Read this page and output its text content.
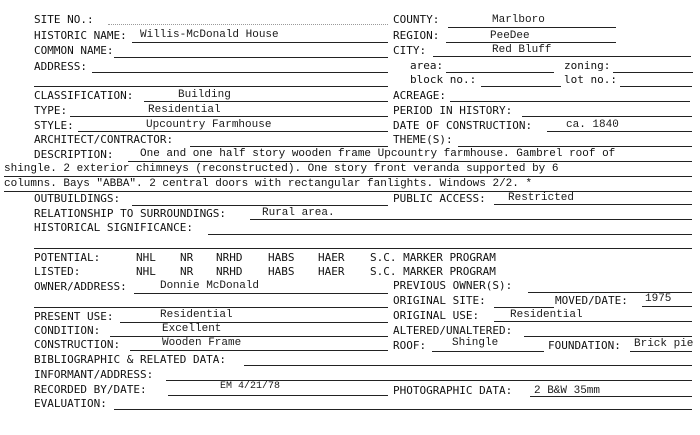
SITE NO.:	COUNTY:	Marlboro
HISTORIC NAME: Willis-McDonald House	REGION:	PeeDee
COMMON NAME:	CITY:	Red Bluff
ADDRESS:	area:	zoning:
block no.:	lot no.:
CLASSIFICATION:	Building	ACREAGE:
TYPE:	Residential	PERIOD IN HISTORY:
STYLE:	Upcountry Farmhouse	DATE OF CONSTRUCTION:	ca. 1840
ARCHITECT/CONTRACTOR:	THEME(S):
DESCRIPTION: One and one half story wooden frame Upcountry farmhouse. Gambrel roof of
shingle. 2 exterior chimneys (reconstructed). One story front veranda supported by 6
columns. Bays "ABBA". 2 central doors with rectangular fanlights. Windows 2/2. *
OUTBUILDINGS:	PUBLIC ACCESS: Restricted
RELATIONSHIP TO SURROUNDINGS:	Rural area.
HISTORICAL SIGNIFICANCE:
POTENTIAL:	NHL NR NRHD HABS HAER S.C. MARKER PROGRAM
LISTED:	NHL NR NRHD HABS HAER S.C. MARKER PROGRAM
OWNER/ADDRESS:	Donnie McDonald	PREVIOUS OWNER(S):
ORIGINAL SITE:	MOVED/DATE: 1975
PRESENT USE:	Residential	ORIGINAL USE:	Residential
CONDITION:	Excellent	ALTERED/UNALTERED:
CONSTRUCTION:	Wooden Frame	ROOF: Shingle	FOUNDATION: Brick pie
BIBLIOGRAPHIC & RELATED DATA:
INFORMANT/ADDRESS:
RECORDED BY/DATE:	EM 4/21/78	PHOTOGRAPHIC DATA: 2 B&W 35mm
EVALUATION:
